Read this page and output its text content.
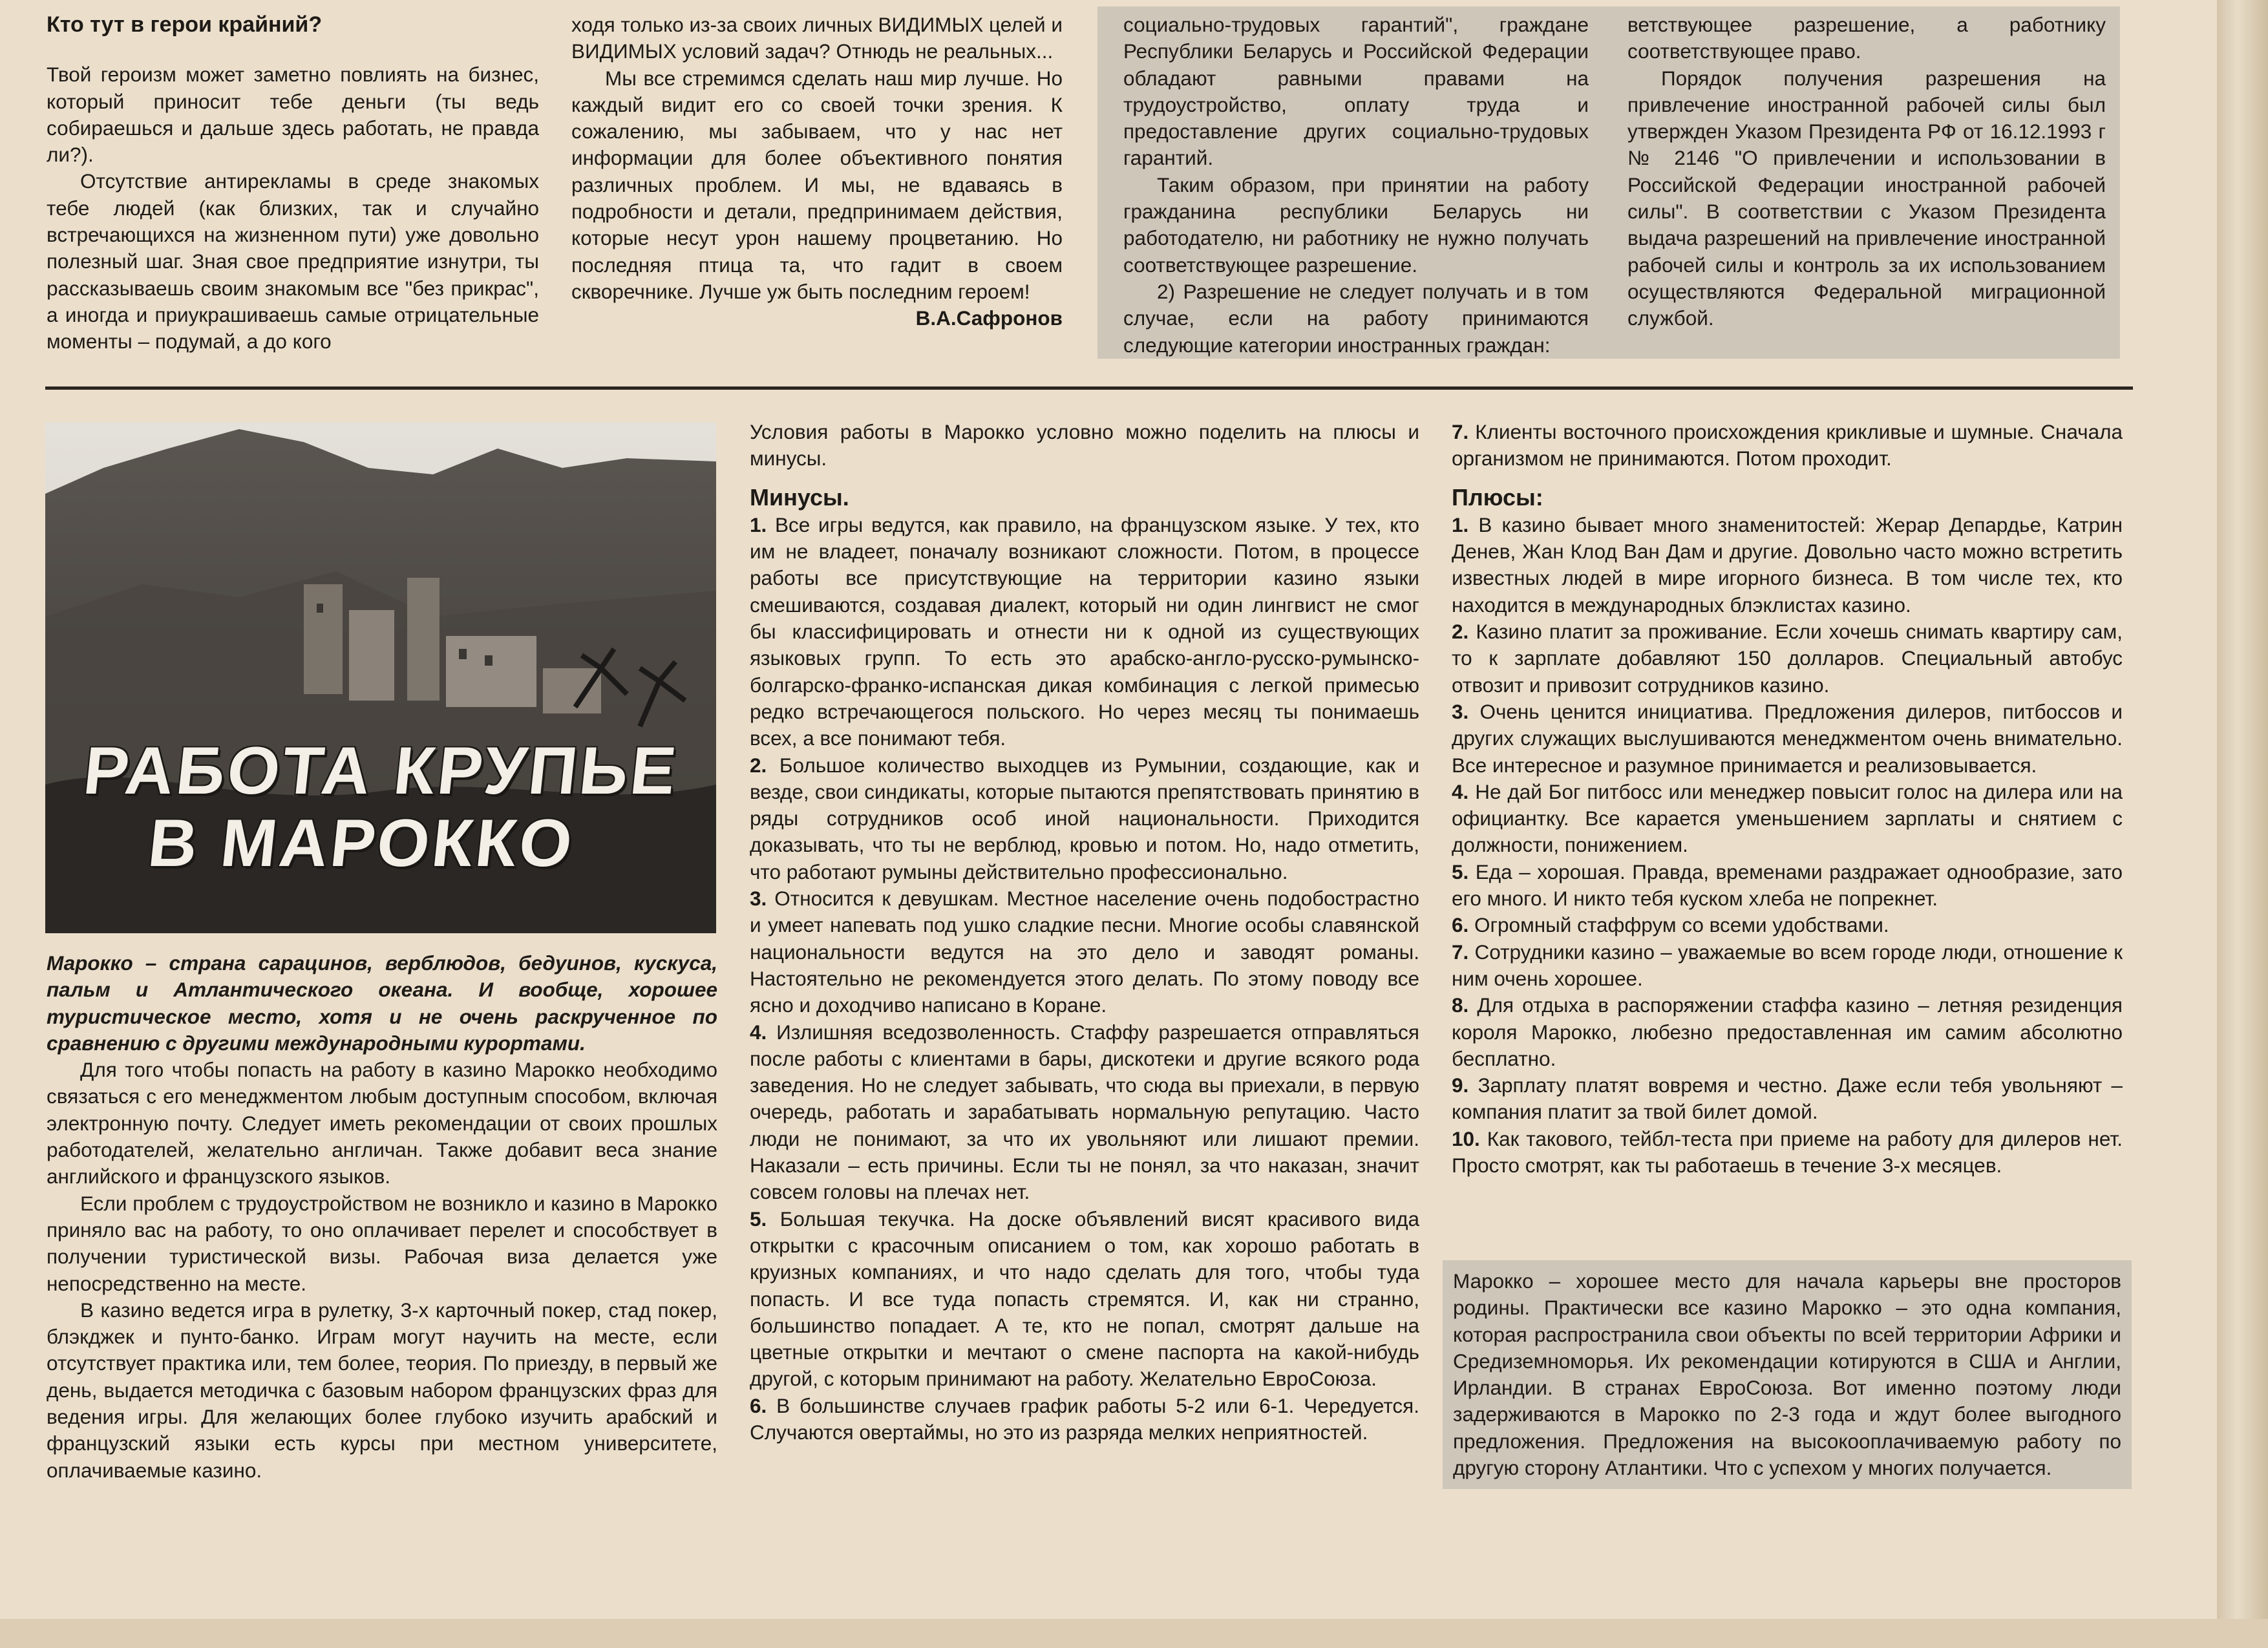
Кто тут в герои крайний?

Твой героизм может заметно повлиять на бизнес, который приносит тебе деньги (ты ведь собираешься и дальше здесь работать, не правда ли?).

Отсутствие антирекламы в среде знакомых тебе людей (как близких, так и случайно встречающихся на жизненном пути) уже довольно полезный шаг. Зная свое предприятие изнутри, ты рассказываешь своим знакомым все "без прикрас", а иногда и приукрашиваешь самые отрицательные моменты – подумай, а до кого

ходя только из-за своих личных ВИДИМЫХ целей и ВИДИМЫХ условий задач? Отнюдь не реальных...

Мы все стремимся сделать наш мир лучше. Но каждый видит его со своей точки зрения. К сожалению, мы забываем, что у нас нет информации для более объективного понятия различных проблем. И мы, не вдаваясь в подробности и детали, предпринимаем действия, которые несут урон нашему процветанию. Но последняя птица та, что гадит в своем скворечнике. Лучше уж быть последним героем!

В.А.Сафронов

социально-трудовых гарантий", граждане Республики Беларусь и Российской Федерации обладают равными правами на трудоустройство, оплату труда и предоставление других социально-трудовых гарантий.

Таким образом, при принятии на работу гражданина республики Беларусь ни работодателю, ни работнику не нужно получать соответствующее разрешение.

2) Разрешение не следует получать и в том случае, если на работу принимаются следующие категории иностранных граждан:

ветствующее разрешение, а работнику соответствующее право.

Порядок получения разрешения на привлечение иностранной рабочей силы был утвержден Указом Президента РФ от 16.12.1993 г № 2146 "О привлечении и использовании в Российской Федерации иностранной рабочей силы". В соответствии с Указом Президента выдача разрешений на привлечение иностранной рабочей силы и контроль за их использованием осуществляются Федеральной миграционной службой.

РАБОТА КРУПЬЕ
В МАРОККО

Марокко – страна сарацинов, верблюдов, бедуинов, кускуса, пальм и Атлантического океана. И вообще, хорошее туристическое место, хотя и не очень раскрученное по сравнению с другими международными курортами.

Для того чтобы попасть на работу в казино Марокко необходимо связаться с его менеджментом любым доступным способом, включая электронную почту. Следует иметь рекомендации от своих прошлых работодателей, желательно англичан. Также добавит веса знание английского и французского языков.

Если проблем с трудоустройством не возникло и казино в Марокко приняло вас на работу, то оно оплачивает перелет и способствует в получении туристической визы. Рабочая виза делается уже непосредственно на месте.

В казино ведется игра в рулетку, 3-х карточный покер, стад покер, блэкджек и пунто-банко. Играм могут научить на месте, если отсутствует практика или, тем более, теория. По приезду, в первый же день, выдается методичка с базовым набором французских фраз для ведения игры. Для желающих более глубоко изучить арабский и французский языки есть курсы при местном университете, оплачиваемые казино.

Условия работы в Марокко условно можно поделить на плюсы и минусы.

Минусы.

1. Все игры ведутся, как правило, на французском языке. У тех, кто им не владеет, поначалу возникают сложности. Потом, в процессе работы все присутствующие на территории казино языки смешиваются, создавая диалект, который ни один лингвист не смог бы классифицировать и отнести ни к одной из существующих языковых групп. То есть это арабско-англо-русско-румынско-болгарско-франко-испанская дикая комбинация с легкой примесью редко встречающегося польского. Но через месяц ты понимаешь всех, а все понимают тебя.

2. Большое количество выходцев из Румынии, создающие, как и везде, свои синдикаты, которые пытаются препятствовать принятию в ряды сотрудников особ иной национальности. Приходится доказывать, что ты не верблюд, кровью и потом. Но, надо отметить, что работают румыны действительно профессионально.

3. Относится к девушкам. Местное население очень подобострастно и умеет напевать под ушко сладкие песни. Многие особы славянской национальности ведутся на это дело и заводят романы. Настоятельно не рекомендуется этого делать. По этому поводу все ясно и доходчиво написано в Коране.

4. Излишняя вседозволенность. Стаффу разрешается отправляться после работы с клиентами в бары, дискотеки и другие всякого рода заведения. Но не следует забывать, что сюда вы приехали, в первую очередь, работать и зарабатывать нормальную репутацию. Часто люди не понимают, за что их увольняют или лишают премии. Наказали – есть причины. Если ты не понял, за что наказан, значит совсем головы на плечах нет.

5. Большая текучка. На доске объявлений висят красивого вида открытки с красочным описанием о том, как хорошо работать в круизных компаниях, и что надо сделать для того, чтобы туда попасть. И все туда попасть стремятся. И, как ни странно, большинство попадает. А те, кто не попал, смотрят дальше на цветные открытки и мечтают о смене паспорта на какой-нибудь другой, с которым принимают на работу. Желательно ЕвроСоюза.

6. В большинстве случаев график работы 5-2 или 6-1. Чередуется. Случаются овертаймы, но это из разряда мелких неприятностей.

7. Клиенты восточного происхождения крикливые и шумные. Сначала организмом не принимаются. Потом проходит.

Плюсы:

1. В казино бывает много знаменитостей: Жерар Депардье, Катрин Денев, Жан Клод Ван Дам и другие. Довольно часто можно встретить известных людей в мире игорного бизнеса. В том числе тех, кто находится в международных блэклистах казино.

2. Казино платит за проживание. Если хочешь снимать квартиру сам, то к зарплате добавляют 150 долларов. Специальный автобус отвозит и привозит сотрудников казино.

3. Очень ценится инициатива. Предложения дилеров, питбоссов и других служащих выслушиваются менеджментом очень внимательно. Все интересное и разумное принимается и реализовывается.

4. Не дай Бог питбосс или менеджер повысит голос на дилера или на официантку. Все карается уменьшением зарплаты и снятием с должности, понижением.

5. Еда – хорошая. Правда, временами раздражает однообразие, зато его много. И никто тебя куском хлеба не попрекнет.

6. Огромный стаффрум со всеми удобствами.

7. Сотрудники казино – уважаемые во всем городе люди, отношение к ним очень хорошее.

8. Для отдыха в распоряжении стаффа казино – летняя резиденция короля Марокко, любезно предоставленная им самим абсолютно бесплатно.

9. Зарплату платят вовремя и честно. Даже если тебя увольняют – компания платит за твой билет домой.

10. Как такового, тейбл-теста при приеме на работу для дилеров нет. Просто смотрят, как ты работаешь в течение 3-х месяцев.

Марокко – хорошее место для начала карьеры вне просторов родины. Практически все казино Марокко – это одна компания, которая распространила свои объекты по всей территории Африки и Средиземноморья. Их рекомендации котируются в США и Англии, Ирландии. В странах ЕвроСоюза. Вот именно поэтому люди задерживаются в Марокко по 2-3 года и ждут более выгодного предложения. Предложения на высокооплачиваемую работу по другую сторону Атлантики. Что с успехом у многих получается.
